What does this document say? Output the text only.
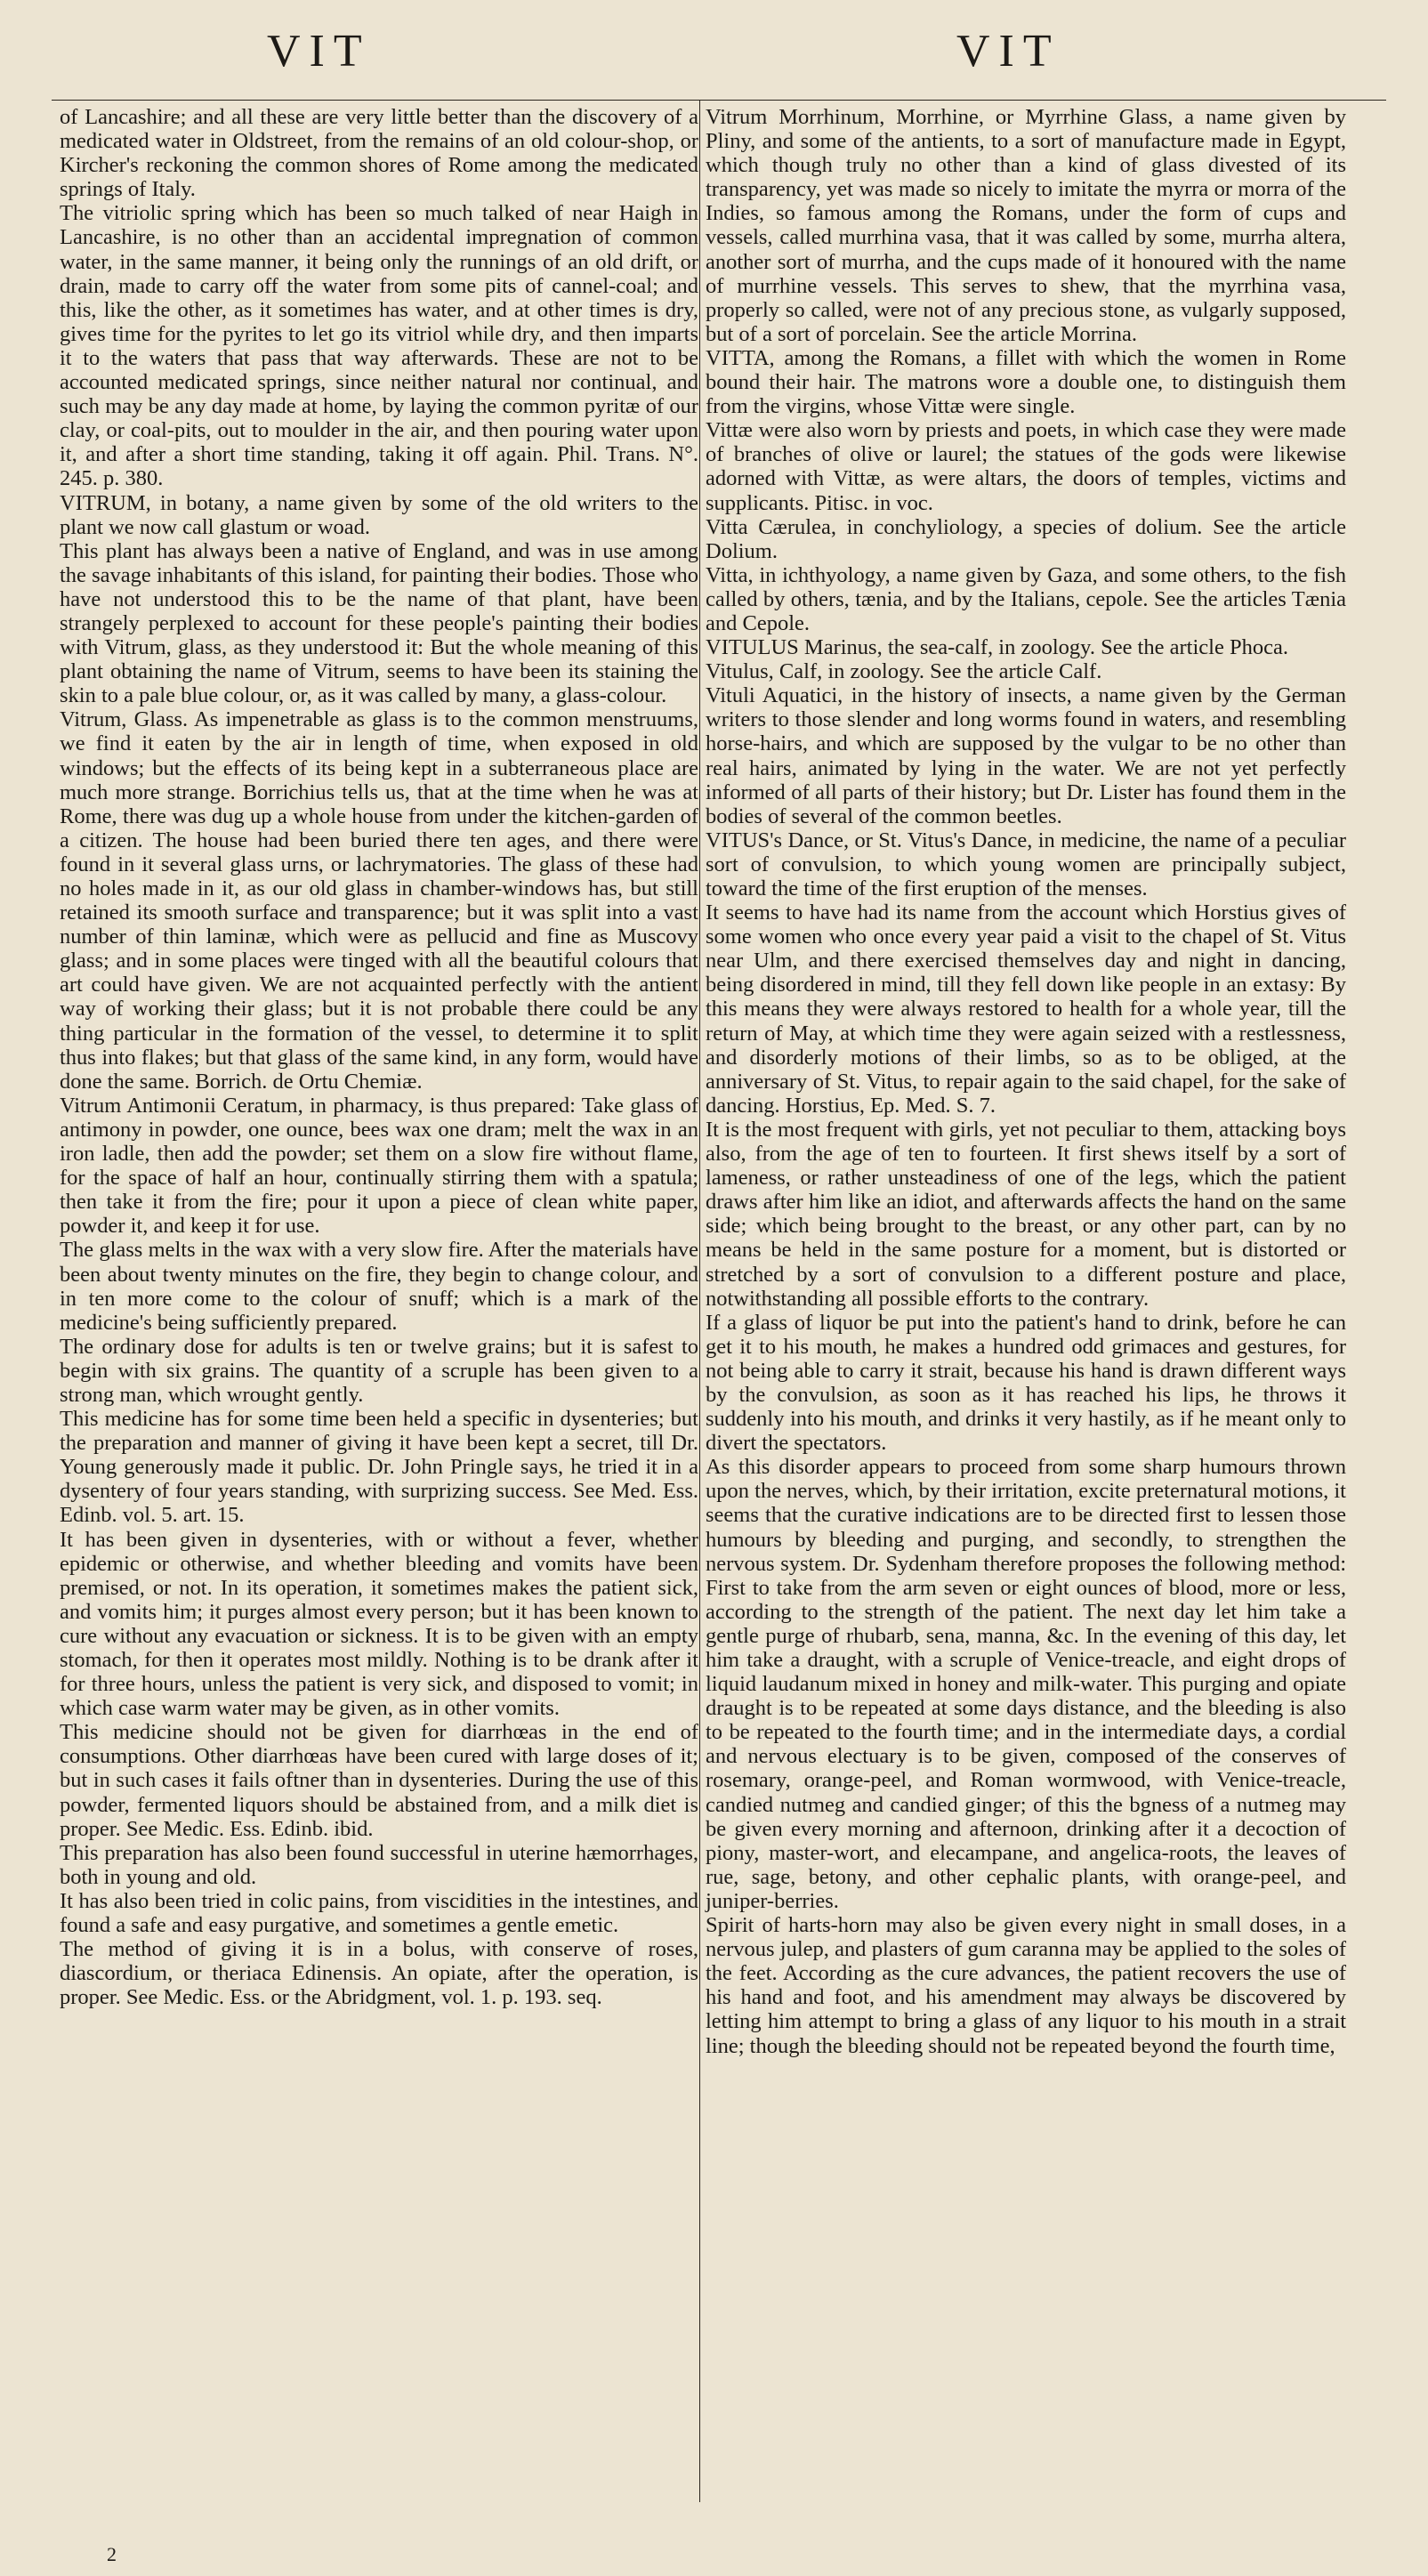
VIT	VIT

of Lancashire; and all these are very little better than the discovery of a medicated water in Oldstreet, from the remains of an old colour-shop, or Kircher's reckoning the common shores of Rome among the medicated springs of Italy.

The vitriolic spring which has been so much talked of near Haigh in Lancashire, is no other than an accidental impregnation of common water, in the same manner, it being only the runnings of an old drift, or drain, made to carry off the water from some pits of cannel-coal; and this, like the other, as it sometimes has water, and at other times is dry, gives time for the pyrites to let go its vitriol while dry, and then imparts it to the waters that pass that way afterwards. These are not to be accounted medicated springs, since neither natural nor continual, and such may be any day made at home, by laying the common pyritæ of our clay, or coal-pits, out to moulder in the air, and then pouring water upon it, and after a short time standing, taking it off again. Phil. Trans. N°. 245. p. 380.

VITRUM, in botany, a name given by some of the old writers to the plant we now call glastum or woad.

This plant has always been a native of England, and was in use among the savage inhabitants of this island, for painting their bodies. Those who have not understood this to be the name of that plant, have been strangely perplexed to account for these people's painting their bodies with Vitrum, glass, as they understood it: But the whole meaning of this plant obtaining the name of Vitrum, seems to have been its staining the skin to a pale blue colour, or, as it was called by many, a glass-colour.

Vitrum, Glass. As impenetrable as glass is to the common menstruums, we find it eaten by the air in length of time, when exposed in old windows; but the effects of its being kept in a subterraneous place are much more strange. Borrichius tells us, that at the time when he was at Rome, there was dug up a whole house from under the kitchen-garden of a citizen. The house had been buried there ten ages, and there were found in it several glass urns, or lachrymatories. The glass of these had no holes made in it, as our old glass in chamber-windows has, but still retained its smooth surface and transparence; but it was split into a vast number of thin laminæ, which were as pellucid and fine as Muscovy glass; and in some places were tinged with all the beautiful colours that art could have given. We are not acquainted perfectly with the antient way of working their glass; but it is not probable there could be any thing particular in the formation of the vessel, to determine it to split thus into flakes; but that glass of the same kind, in any form, would have done the same. Borrich. de Ortu Chemiæ.

Vitrum Antimonii Ceratum, in pharmacy, is thus prepared: Take glass of antimony in powder, one ounce, bees wax one dram; melt the wax in an iron ladle, then add the powder; set them on a slow fire without flame, for the space of half an hour, continually stirring them with a spatula; then take it from the fire; pour it upon a piece of clean white paper, powder it, and keep it for use.

The glass melts in the wax with a very slow fire. After the materials have been about twenty minutes on the fire, they begin to change colour, and in ten more come to the colour of snuff; which is a mark of the medicine's being sufficiently prepared.

The ordinary dose for adults is ten or twelve grains; but it is safest to begin with six grains. The quantity of a scruple has been given to a strong man, which wrought gently.

This medicine has for some time been held a specific in dysenteries; but the preparation and manner of giving it have been kept a secret, till Dr. Young generously made it public. Dr. John Pringle says, he tried it in a dysentery of four years standing, with surprizing success. See Med. Ess. Edinb. vol. 5. art. 15.

It has been given in dysenteries, with or without a fever, whether epidemic or otherwise, and whether bleeding and vomits have been premised, or not. In its operation, it sometimes makes the patient sick, and vomits him; it purges almost every person; but it has been known to cure without any evacuation or sickness. It is to be given with an empty stomach, for then it operates most mildly. Nothing is to be drank after it for three hours, unless the patient is very sick, and disposed to vomit; in which case warm water may be given, as in other vomits.

This medicine should not be given for diarrhœas in the end of consumptions. Other diarrhœas have been cured with large doses of it; but in such cases it fails oftner than in dysenteries. During the use of this powder, fermented liquors should be abstained from, and a milk diet is proper. See Medic. Ess. Edinb. ibid.

This preparation has also been found successful in uterine hæmorrhages, both in young and old.

It has also been tried in colic pains, from viscidities in the intestines, and found a safe and easy purgative, and sometimes a gentle emetic.

The method of giving it is in a bolus, with conserve of roses, diascordium, or theriaca Edinensis. An opiate, after the operation, is proper. See Medic. Ess. or the Abridgment, vol. 1. p. 193. seq.

Vitrum Morrhinum, Morrhine, or Myrrhine Glass, a name given by Pliny, and some of the antients, to a sort of manufacture made in Egypt, which though truly no other than a kind of glass divested of its transparency, yet was made so nicely to imitate the myrra or morra of the Indies, so famous among the Romans, under the form of cups and vessels, called murrhina vasa, that it was called by some, murrha altera, another sort of murrha, and the cups made of it honoured with the name of murrhine vessels. This serves to shew, that the myrrhina vasa, properly so called, were not of any precious stone, as vulgarly supposed, but of a sort of porcelain. See the article Morrina.

VITTA, among the Romans, a fillet with which the women in Rome bound their hair. The matrons wore a double one, to distinguish them from the virgins, whose Vittæ were single.

Vittæ were also worn by priests and poets, in which case they were made of branches of olive or laurel; the statues of the gods were likewise adorned with Vittæ, as were altars, the doors of temples, victims and supplicants. Pitisc. in voc.

Vitta Cærulea, in conchyliology, a species of dolium. See the article Dolium.

Vitta, in ichthyology, a name given by Gaza, and some others, to the fish called by others, tænia, and by the Italians, cepole. See the articles Tænia and Cepole.

VITULUS Marinus, the sea-calf, in zoology. See the article Phoca.

Vitulus, Calf, in zoology. See the article Calf.

Vituli Aquatici, in the history of insects, a name given by the German writers to those slender and long worms found in waters, and resembling horse-hairs, and which are supposed by the vulgar to be no other than real hairs, animated by lying in the water. We are not yet perfectly informed of all parts of their history; but Dr. Lister has found them in the bodies of several of the common beetles.

VITUS's Dance, or St. Vitus's Dance, in medicine, the name of a peculiar sort of convulsion, to which young women are principally subject, toward the time of the first eruption of the menses.

It seems to have had its name from the account which Horstius gives of some women who once every year paid a visit to the chapel of St. Vitus near Ulm, and there exercised themselves day and night in dancing, being disordered in mind, till they fell down like people in an extasy: By this means they were always restored to health for a whole year, till the return of May, at which time they were again seized with a restlessness, and disorderly motions of their limbs, so as to be obliged, at the anniversary of St. Vitus, to repair again to the said chapel, for the sake of dancing. Horstius, Ep. Med. S. 7.

It is the most frequent with girls, yet not peculiar to them, attacking boys also, from the age of ten to fourteen. It first shews itself by a sort of lameness, or rather unsteadiness of one of the legs, which the patient draws after him like an idiot, and afterwards affects the hand on the same side; which being brought to the breast, or any other part, can by no means be held in the same posture for a moment, but is distorted or stretched by a sort of convulsion to a different posture and place, notwithstanding all possible efforts to the contrary.

If a glass of liquor be put into the patient's hand to drink, before he can get it to his mouth, he makes a hundred odd grimaces and gestures, for not being able to carry it strait, because his hand is drawn different ways by the convulsion, as soon as it has reached his lips, he throws it suddenly into his mouth, and drinks it very hastily, as if he meant only to divert the spectators.

As this disorder appears to proceed from some sharp humours thrown upon the nerves, which, by their irritation, excite preternatural motions, it seems that the curative indications are to be directed first to lessen those humours by bleeding and purging, and secondly, to strengthen the nervous system. Dr. Sydenham therefore proposes the following method: First to take from the arm seven or eight ounces of blood, more or less, according to the strength of the patient. The next day let him take a gentle purge of rhubarb, sena, manna, &c. In the evening of this day, let him take a draught, with a scruple of Venice-treacle, and eight drops of liquid laudanum mixed in honey and milk-water. This purging and opiate draught is to be repeated at some days distance, and the bleeding is also to be repeated to the fourth time; and in the intermediate days, a cordial and nervous electuary is to be given, composed of the conserves of rosemary, orange-peel, and Roman wormwood, with Venice-treacle, candied nutmeg and candied ginger; of this the bgness of a nutmeg may be given every morning and afternoon, drinking after it a decoction of piony, master-wort, and elecampane, and angelica-roots, the leaves of rue, sage, betony, and other cephalic plants, with orange-peel, and juniper-berries.

Spirit of harts-horn may also be given every night in small doses, in a nervous julep, and plasters of gum caranna may be applied to the soles of the feet. According as the cure advances, the patient recovers the use of his hand and foot, and his amendment may always be discovered by letting him attempt to bring a glass of any liquor to his mouth in a strait line; though the bleeding should not be repeated beyond the fourth time,

2
